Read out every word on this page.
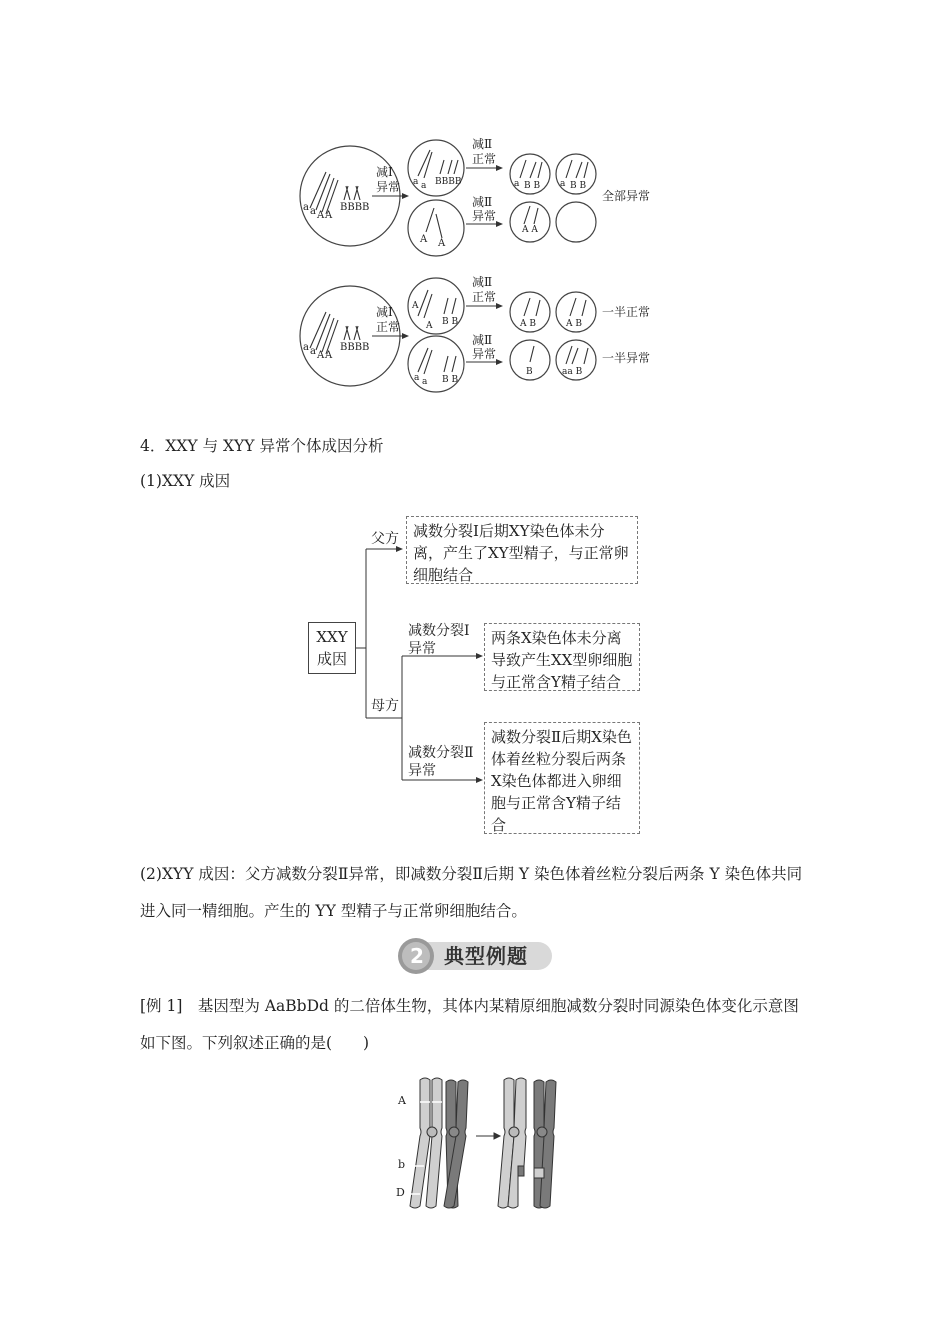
a a A A
BBBB
减Ⅰ
异常 a a BBBB
A A
减Ⅱ
正常
减Ⅱ
异常
a B B a B B
A A
全部异常
a a A A
BBBB
减Ⅰ
正常
A
A B B
a a B B
减Ⅱ
正常
减Ⅱ
异常
A B	A B
一半正常
B	aa B
一半异常
4．XXY 与 XYY 异常个体成因分析
(1)XXY 成因
XXY
成因
父方 减数分裂Ⅰ后期XY染色体未分离，产生了XY型精子，与正常卵细胞结合
母方
减数分裂Ⅰ
异常
两条X染色体未分离导致产生XX型卵细胞与正常含Y精子结合
减数分裂Ⅱ
异常
减数分裂Ⅱ后期X染色体着丝粒分裂后两条X染色体都进入卵细胞与正常含Y精子结合
(2)XYY 成因：父方减数分裂Ⅱ异常，即减数分裂Ⅱ后期 Y 染色体着丝粒分裂后两条 Y 染色体共同进入同一精细胞。产生的 YY 型精子与正常卵细胞结合。
2 典型例题
[例 1]　 基因型为 AaBbDd 的二倍体生物，其体内某精原细胞减数分裂时同源染色体变化示意图如下图。下列叙述正确的是(　　)
A
b
D
